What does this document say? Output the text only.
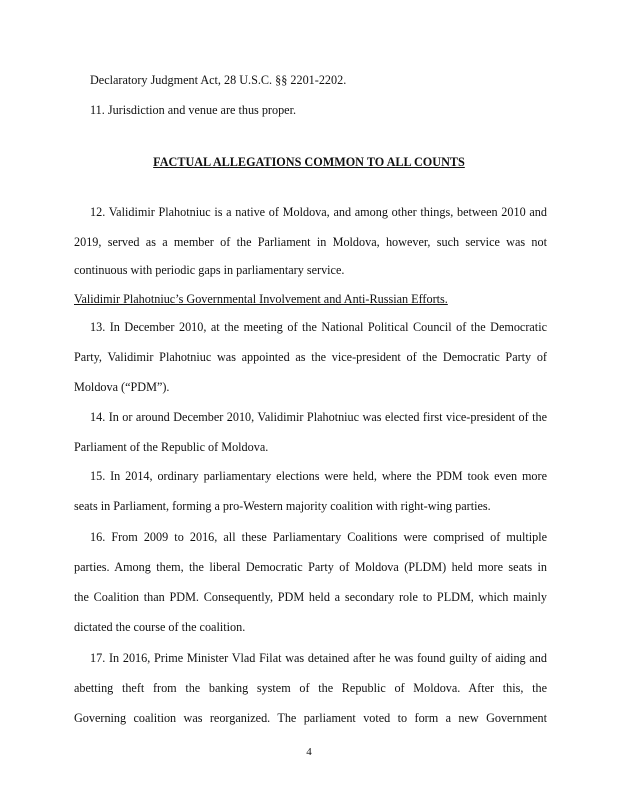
Declaratory Judgment Act, 28 U.S.C. §§ 2201-2202.
11. Jurisdiction and venue are thus proper.
FACTUAL ALLEGATIONS COMMON TO ALL COUNTS
12. Validimir Plahotniuc is a native of Moldova, and among other things, between 2010 and
2019, served as a member of the Parliament in Moldova, however, such service was not
continuous with periodic gaps in parliamentary service.
Validimir Plahotniuc’s Governmental Involvement and Anti-Russian Efforts.
13. In December 2010, at the meeting of the National Political Council of the Democratic
Party, Validimir Plahotniuc was appointed as the vice-president of the Democratic Party of
Moldova (“PDM”).
14. In or around December 2010, Validimir Plahotniuc was elected first vice-president of the
Parliament of the Republic of Moldova.
15. In 2014, ordinary parliamentary elections were held, where the PDM took even more
seats in Parliament, forming a pro-Western majority coalition with right-wing parties.
16. From 2009 to 2016, all these Parliamentary Coalitions were comprised of multiple
parties. Among them, the liberal Democratic Party of Moldova (PLDM) held more seats in
the Coalition than PDM. Consequently, PDM held a secondary role to PLDM, which mainly
dictated the course of the coalition.
17. In 2016, Prime Minister Vlad Filat was detained after he was found guilty of aiding and
abetting theft from the banking system of the Republic of Moldova. After this, the
Governing coalition was reorganized. The parliament voted to form a new Government
4
